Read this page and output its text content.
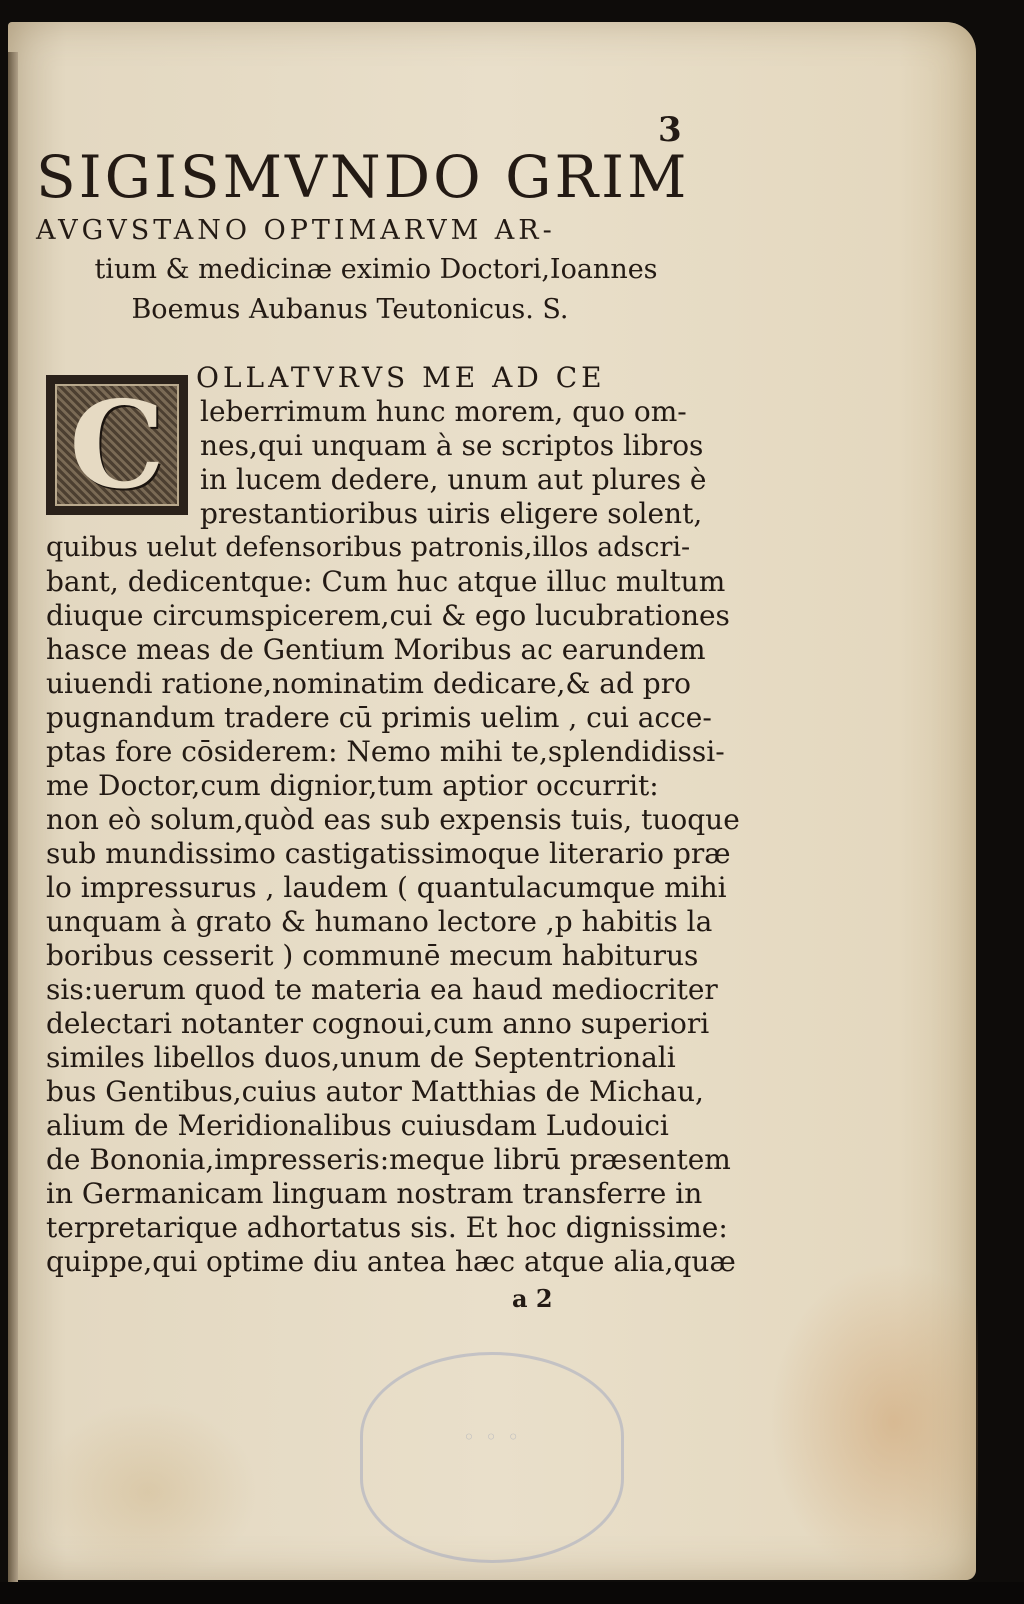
◦ ◦ ◦
3
SIGISMVNDO GRIM
AVGVSTANO OPTIMARVM AR-
tium & medicinæ eximio Doctori,Ioannes
Boemus Aubanus Teutonicus. S.
C	OLLATVRVS ME AD CE
leberrimum hunc morem, quo om-
nes,qui unquam à se scriptos libros
in lucem dedere, unum aut plures è
prestantioribus uiris eligere solent,
quibus uelut defensoribus patronis,illos adscri-
bant, dedicentque: Cum huc atque illuc multum
diuque circumspicerem,cui & ego lucubrationes
hasce meas de Gentium Moribus ac earundem
uiuendi ratione,nominatim dedicare,& ad pro
pugnandum tradere cū primis uelim , cui acce-
ptas fore cōsiderem: Nemo mihi te,splendidissi-
me Doctor,cum dignior,tum aptior occurrit:
non eò solum,quòd eas sub expensis tuis, tuoque
sub mundissimo castigatissimoque literario præ
lo impressurus , laudem ( quantulacumque mihi
unquam à grato & humano lectore ,p habitis la
boribus cesserit ) communē mecum habiturus
sis:uerum quod te materia ea haud mediocriter
delectari notanter cognoui,cum anno superiori
similes libellos duos,unum de Septentrionali
bus Gentibus,cuius autor Matthias de Michau,
alium de Meridionalibus cuiusdam Ludouici
de Bononia,impresseris:meque librū præsentem
in Germanicam linguam nostram transferre in
terpretarique adhortatus sis. Et hoc dignissime:
quippe,qui optime diu antea hæc atque alia,quæ
a 2
